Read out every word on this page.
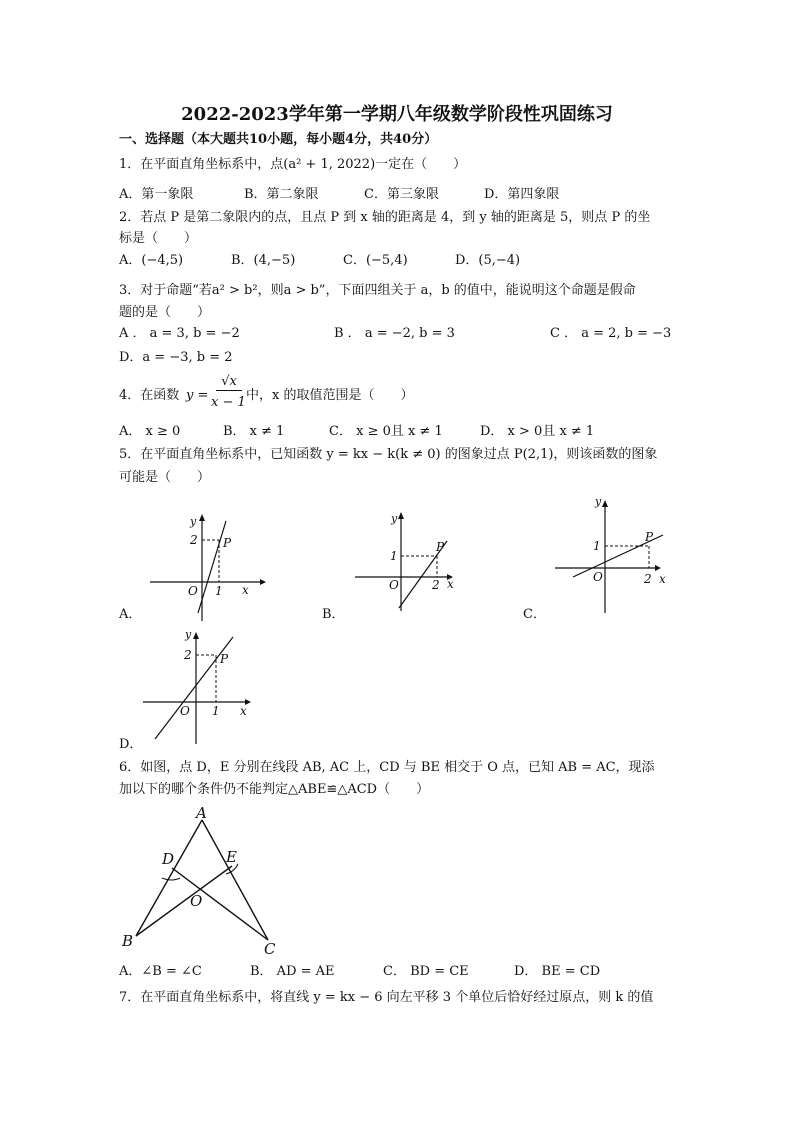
2022-2023学年第一学期八年级数学阶段性巩固练习
一、选择题（本大题共10小题，每小题4分，共40分）
1．在平面直角坐标系中，点(a² + 1, 2022)一定在（　　）
A．第一象限	B．第二象限	C．第三象限	D．第四象限
2．若点 P 是第二象限内的点，且点 P 到 x 轴的距离是 4，到 y 轴的距离是 5，则点 P 的坐
标是（　　）
A．(−4,5)	B．(4,−5)	C．(−5,4)	D．(5,−4)
3．对于命题“若a² > b²，则a > b”，下面四组关于 a，b 的值中，能说明这个命题是假命
题的是（　　）
A ． a = 3, b = −2	B ． a = −2, b = 3	C ． a = 2, b = −3
D．a = −3, b = 2
4．在函数 y =
√x
x − 1 中，x 的取值范围是（　　）
A． x ≥ 0	B． x ≠ 1	C． x ≥ 0且 x ≠ 1	D． x > 0且 x ≠ 1
5．在平面直角坐标系中，已知函数 y = kx − k(k ≠ 0) 的图象过点 P(2,1)，则该函数的图象
可能是（　　）
y
2
O 1 x
P
A．
y
1
O	2 x
P
B．
y
1
O	2 x
P
C．
y
2
O 1 x
P
D．
6．如图，点 D，E 分别在线段 AB, AC 上，CD 与 BE 相交于 O 点，已知 AB = AC，现添
加以下的哪个条件仍不能判定△ABE≌△ACD（　　）
A
B	C
D	E
O
A．∠B = ∠C	B． AD = AE	C． BD = CE	D． BE = CD
7．在平面直角坐标系中，将直线 y = kx − 6 向左平移 3 个单位后恰好经过原点，则 k 的值
